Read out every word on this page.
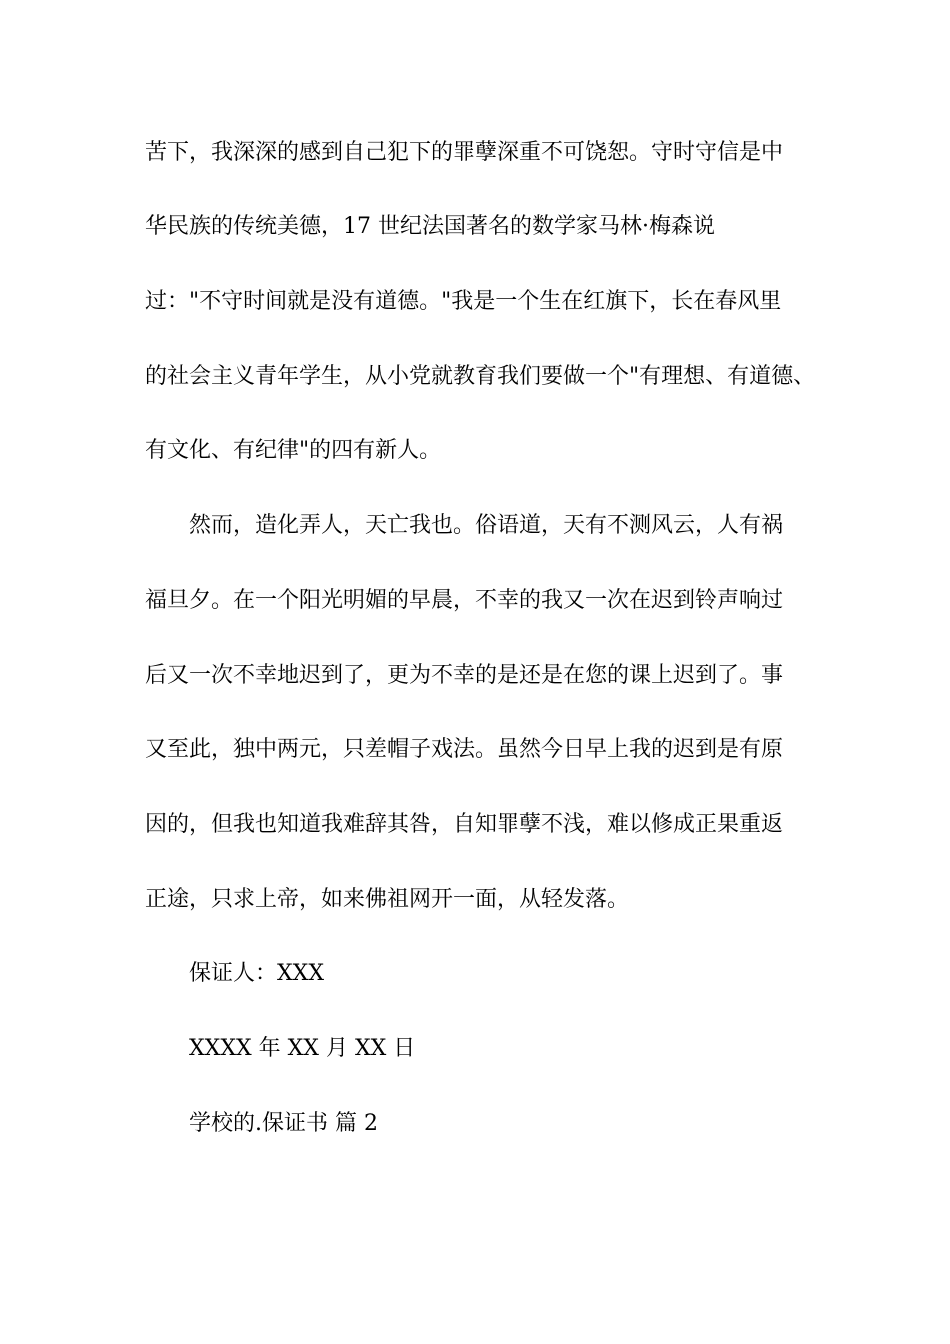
苦下，我深深的感到自己犯下的罪孽深重不可饶恕。守时守信是中
华民族的传统美德，17 世纪法国著名的数学家马林·梅森说
过："不守时间就是没有道德。"我是一个生在红旗下，长在春风里
的社会主义青年学生，从小党就教育我们要做一个"有理想、有道德、
有文化、有纪律"的四有新人。
然而，造化弄人，天亡我也。俗语道，天有不测风云，人有祸
福旦夕。在一个阳光明媚的早晨，不幸的我又一次在迟到铃声响过
后又一次不幸地迟到了，更为不幸的是还是在您的课上迟到了。事
又至此，独中两元，只差帽子戏法。虽然今日早上我的迟到是有原
因的，但我也知道我难辞其咎，自知罪孽不浅，难以修成正果重返
正途，只求上帝，如来佛祖网开一面，从轻发落。
保证人：XXX
XXXX 年 XX 月 XX 日
学校的.保证书 篇 2
